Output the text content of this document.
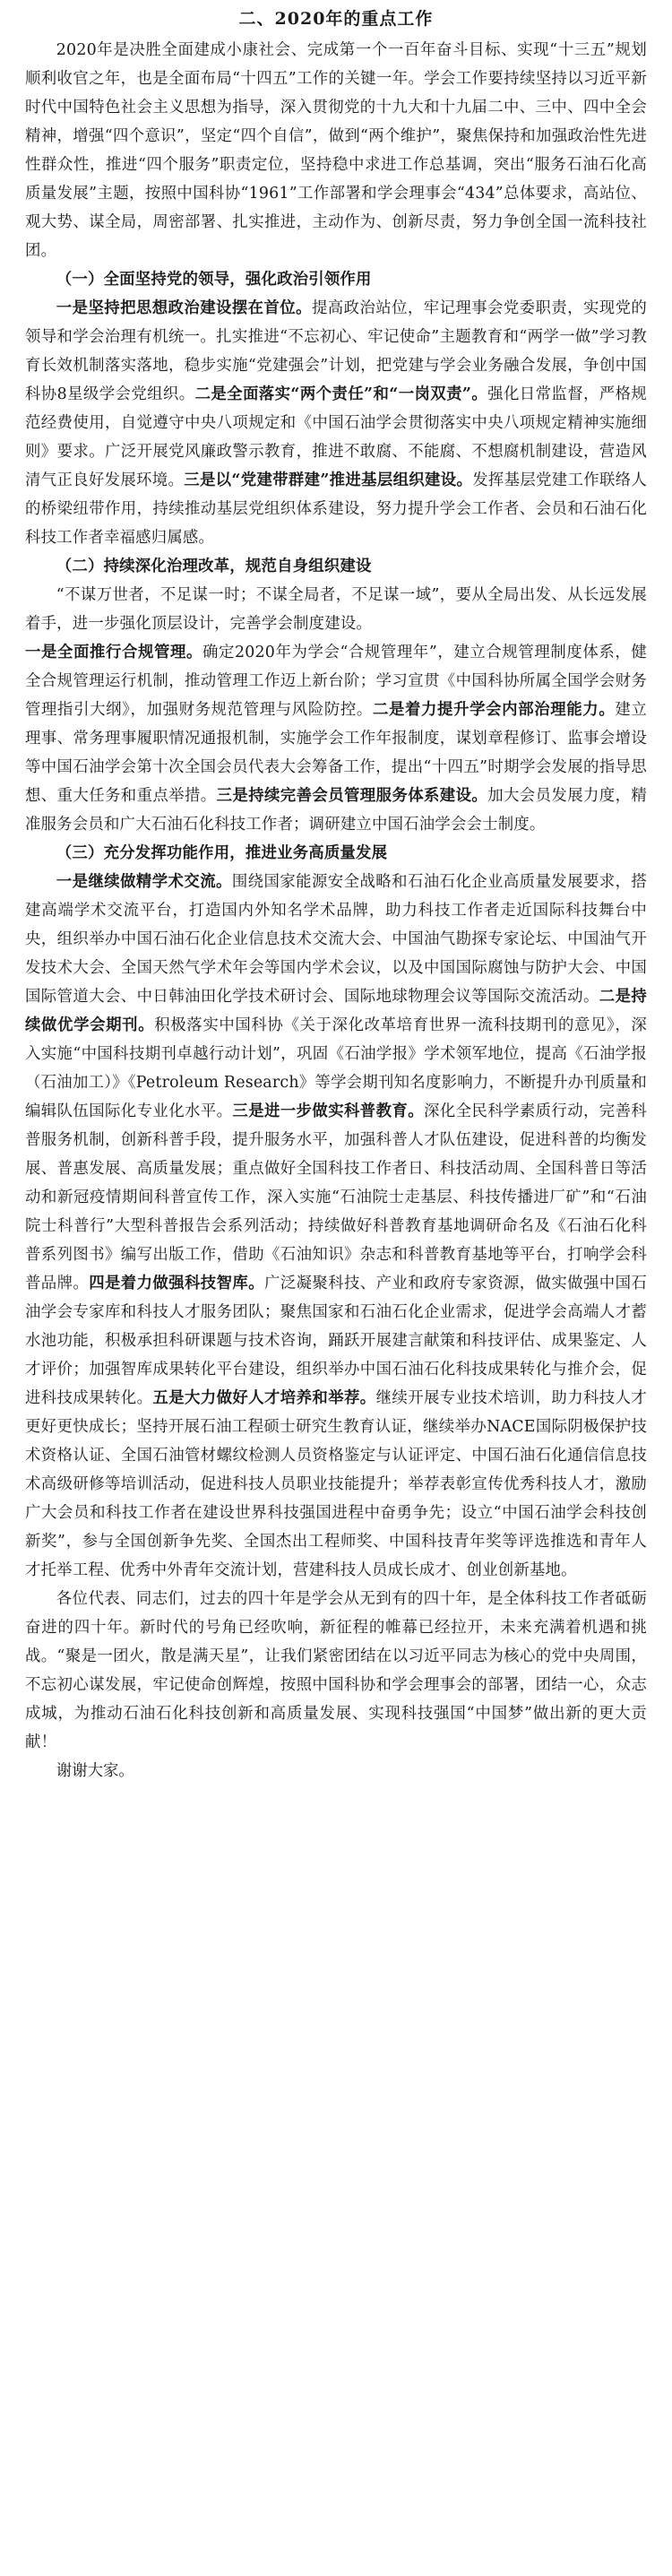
二、2020年的重点工作

2020年是决胜全面建成小康社会、完成第一个一百年奋斗目标、实现“十三五”规划顺利收官之年，也是全面布局“十四五”工作的关键一年。学会工作要持续坚持以习近平新时代中国特色社会主义思想为指导，深入贯彻党的十九大和十九届二中、三中、四中全会精神，增强“四个意识”，坚定“四个自信”，做到“两个维护”，聚焦保持和加强政治性先进性群众性，推进“四个服务”职责定位，坚持稳中求进工作总基调，突出“服务石油石化高质量发展”主题，按照中国科协“1961”工作部署和学会理事会“434”总体要求，高站位、观大势、谋全局，周密部署、扎实推进，主动作为、创新尽责，努力争创全国一流科技社团。

（一）全面坚持党的领导，强化政治引领作用

一是坚持把思想政治建设摆在首位。提高政治站位，牢记理事会党委职责，实现党的领导和学会治理有机统一。扎实推进“不忘初心、牢记使命”主题教育和“两学一做”学习教育长效机制落实落地，稳步实施“党建强会”计划，把党建与学会业务融合发展，争创中国科协8星级学会党组织。二是全面落实“两个责任”和“一岗双责”。强化日常监督，严格规范经费使用，自觉遵守中央八项规定和《中国石油学会贯彻落实中央八项规定精神实施细则》要求。广泛开展党风廉政警示教育，推进不敢腐、不能腐、不想腐机制建设，营造风清气正良好发展环境。三是以“党建带群建”推进基层组织建设。发挥基层党建工作联络人的桥梁纽带作用，持续推动基层党组织体系建设，努力提升学会工作者、会员和石油石化科技工作者幸福感归属感。

（二）持续深化治理改革，规范自身组织建设

“不谋万世者，不足谋一时；不谋全局者，不足谋一域”，要从全局出发、从长远发展着手，进一步强化顶层设计，完善学会制度建设。

一是全面推行合规管理。确定2020年为学会“合规管理年”，建立合规管理制度体系，健全合规管理运行机制，推动管理工作迈上新台阶；学习宣贯《中国科协所属全国学会财务管理指引大纲》，加强财务规范管理与风险防控。二是着力提升学会内部治理能力。建立理事、常务理事履职情况通报机制，实施学会工作年报制度，谋划章程修订、监事会增设等中国石油学会第十次全国会员代表大会筹备工作，提出“十四五”时期学会发展的指导思想、重大任务和重点举措。三是持续完善会员管理服务体系建设。加大会员发展力度，精准服务会员和广大石油石化科技工作者；调研建立中国石油学会会士制度。

（三）充分发挥功能作用，推进业务高质量发展

一是继续做精学术交流。围绕国家能源安全战略和石油石化企业高质量发展要求，搭建高端学术交流平台，打造国内外知名学术品牌，助力科技工作者走近国际科技舞台中央，组织举办中国石油石化企业信息技术交流大会、中国油气勘探专家论坛、中国油气开发技术大会、全国天然气学术年会等国内学术会议，以及中国国际腐蚀与防护大会、中国国际管道大会、中日韩油田化学技术研讨会、国际地球物理会议等国际交流活动。二是持续做优学会期刊。积极落实中国科协《关于深化改革培育世界一流科技期刊的意见》，深入实施“中国科技期刊卓越行动计划”，巩固《石油学报》学术领军地位，提高《石油学报（石油加工）》《Petroleum Research》等学会期刊知名度影响力，不断提升办刊质量和编辑队伍国际化专业化水平。三是进一步做实科普教育。深化全民科学素质行动，完善科普服务机制，创新科普手段，提升服务水平，加强科普人才队伍建设，促进科普的均衡发展、普惠发展、高质量发展；重点做好全国科技工作者日、科技活动周、全国科普日等活动和新冠疫情期间科普宣传工作，深入实施“石油院士走基层、科技传播进厂矿”和“石油院士科普行”大型科普报告会系列活动；持续做好科普教育基地调研命名及《石油石化科普系列图书》编写出版工作，借助《石油知识》杂志和科普教育基地等平台，打响学会科普品牌。四是着力做强科技智库。广泛凝聚科技、产业和政府专家资源，做实做强中国石油学会专家库和科技人才服务团队；聚焦国家和石油石化企业需求，促进学会高端人才蓄水池功能，积极承担科研课题与技术咨询，踊跃开展建言献策和科技评估、成果鉴定、人才评价；加强智库成果转化平台建设，组织举办中国石油石化科技成果转化与推介会，促进科技成果转化。五是大力做好人才培养和举荐。继续开展专业技术培训，助力科技人才更好更快成长；坚持开展石油工程硕士研究生教育认证，继续举办NACE国际阴极保护技术资格认证、全国石油管材螺纹检测人员资格鉴定与认证评定、中国石油石化通信信息技术高级研修等培训活动，促进科技人员职业技能提升；举荐表彰宣传优秀科技人才，激励广大会员和科技工作者在建设世界科技强国进程中奋勇争先；设立“中国石油学会科技创新奖”，参与全国创新争先奖、全国杰出工程师奖、中国科技青年奖等评选推选和青年人才托举工程、优秀中外青年交流计划，营建科技人员成长成才、创业创新基地。

各位代表、同志们，过去的四十年是学会从无到有的四十年，是全体科技工作者砥砺奋进的四十年。新时代的号角已经吹响，新征程的帷幕已经拉开，未来充满着机遇和挑战。“聚是一团火，散是满天星”，让我们紧密团结在以习近平同志为核心的党中央周围，不忘初心谋发展，牢记使命创辉煌，按照中国科协和学会理事会的部署，团结一心，众志成城，为推动石油石化科技创新和高质量发展、实现科技强国“中国梦”做出新的更大贡献！

谢谢大家。
